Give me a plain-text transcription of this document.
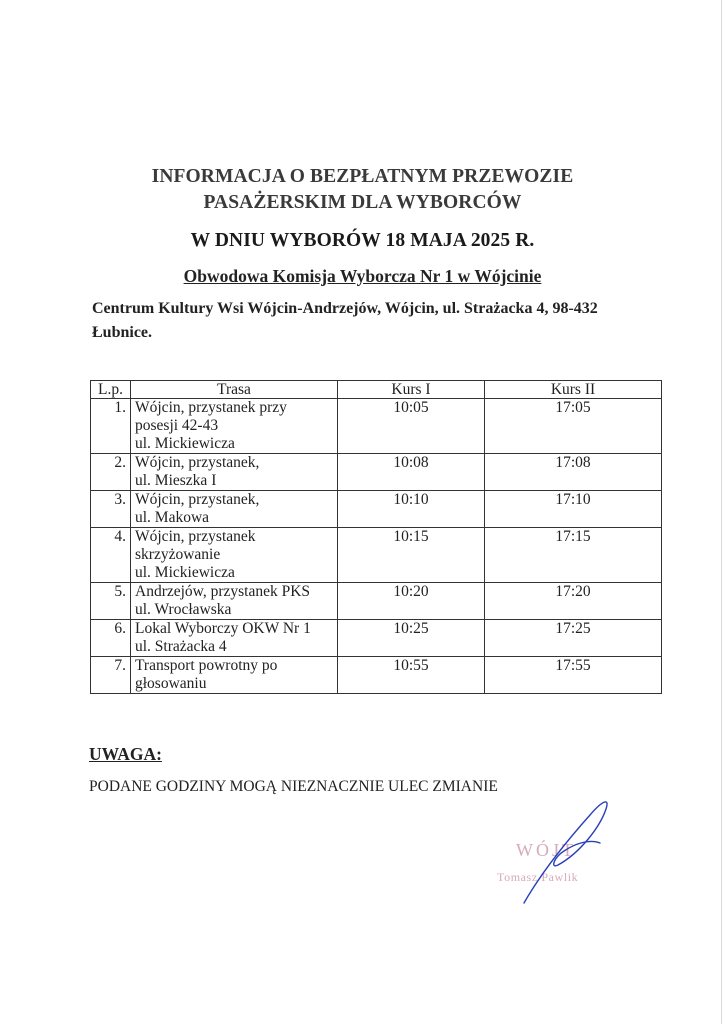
INFORMACJA O BEZPŁATNYM PRZEWOZIE
PASAŻERSKIM DLA WYBORCÓW
W DNIU WYBORÓW 18 MAJA 2025 R.
Obwodowa Komisja Wyborcza Nr 1 w Wójcinie
Centrum Kultury Wsi Wójcin-Andrzejów, Wójcin, ul. Strażacka 4, 98-432 Łubnice.
L.p.	Trasa	Kurs I	Kurs II
1.	Wójcin, przystanek przy
posesji 42-43
ul. Mickiewicza	10:05	17:05
2.	Wójcin, przystanek,
ul. Mieszka I	10:08	17:08
3.	Wójcin, przystanek,
ul. Makowa	10:10	17:10
4.	Wójcin, przystanek
skrzyżowanie
ul. Mickiewicza	10:15	17:15
5.	Andrzejów, przystanek PKS
ul. Wrocławska	10:20	17:20
6.	Lokal Wyborczy OKW Nr 1
ul. Strażacka 4	10:25	17:25
7.	Transport powrotny po
głosowaniu	10:55	17:55
UWAGA:
PODANE GODZINY MOGĄ NIEZNACZNIE ULEC ZMIANIE
WÓJT
Tomasz Pawlik
